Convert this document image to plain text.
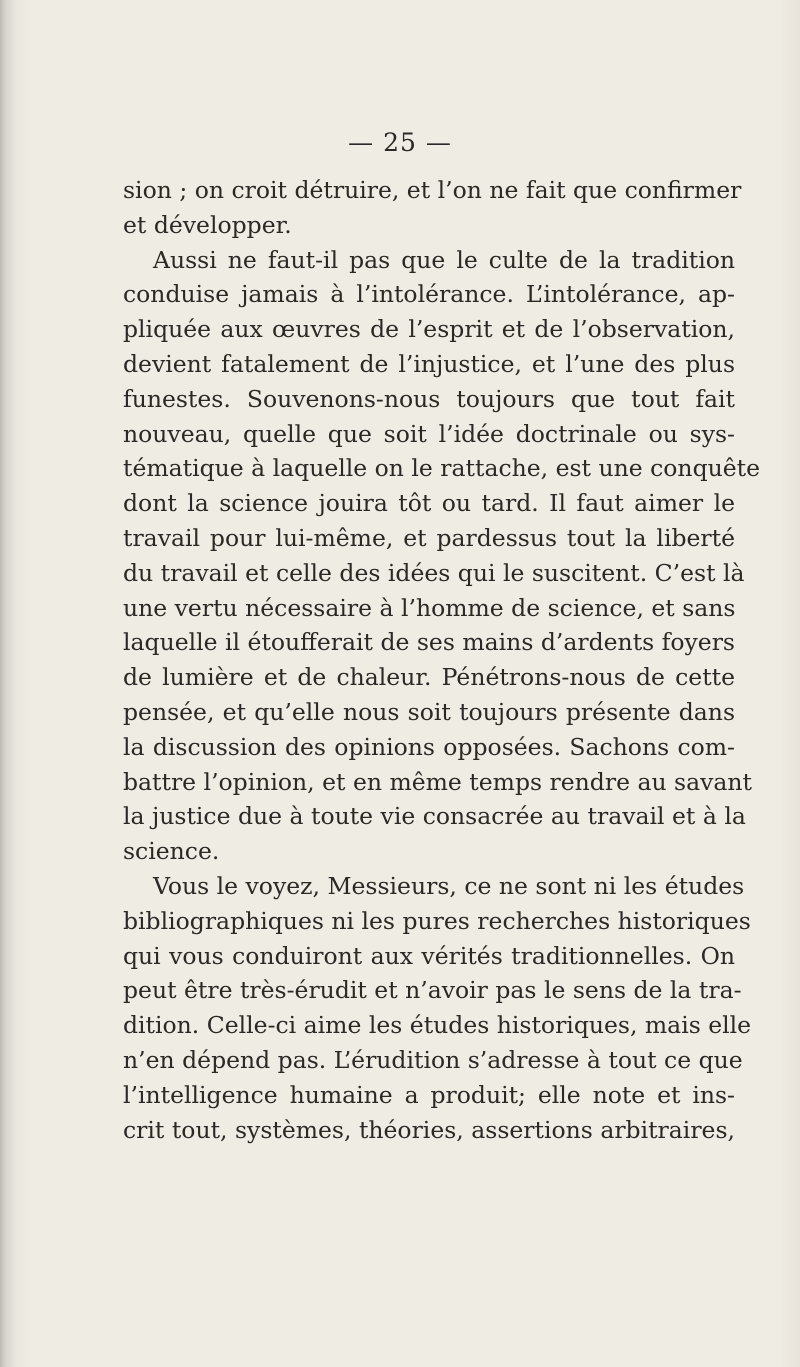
— 25 —
sion ; on croit détruire, et l’on ne fait que confirmer
et développer.
Aussi ne faut-il pas que le culte de la tradition
conduise jamais à l’intolérance. L’intolérance, ap-
pliquée aux œuvres de l’esprit et de l’observation,
devient fatalement de l’injustice, et l’une des plus
funestes. Souvenons-nous toujours que tout fait
nouveau, quelle que soit l’idée doctrinale ou sys-
tématique à laquelle on le rattache, est une conquête
dont la science jouira tôt ou tard. Il faut aimer le
travail pour lui-même, et pardessus tout la liberté
du travail et celle des idées qui le suscitent. C’est là
une vertu nécessaire à l’homme de science, et sans
laquelle il étoufferait de ses mains d’ardents foyers
de lumière et de chaleur. Pénétrons-nous de cette
pensée, et qu’elle nous soit toujours présente dans
la discussion des opinions opposées. Sachons com-
battre l’opinion, et en même temps rendre au savant
la justice due à toute vie consacrée au travail et à la
science.
Vous le voyez, Messieurs, ce ne sont ni les études
bibliographiques ni les pures recherches historiques
qui vous conduiront aux vérités traditionnelles. On
peut être très-érudit et n’avoir pas le sens de la tra-
dition. Celle-ci aime les études historiques, mais elle
n’en dépend pas. L’érudition s’adresse à tout ce que
l’intelligence humaine a produit; elle note et ins-
crit tout, systèmes, théories, assertions arbitraires,
